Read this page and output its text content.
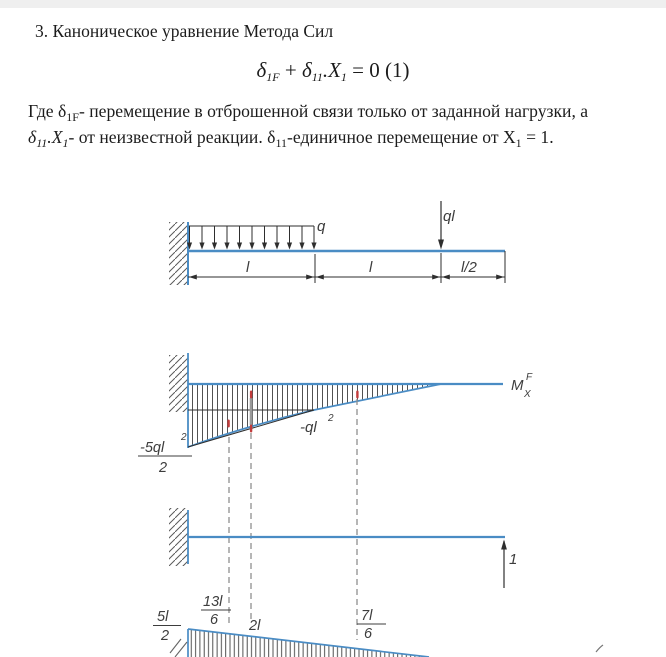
3. Каноническое уравнение Метода Сил
$\delta_{1F} + \delta_{11}.X_1 = 0$ (1)
Где $\delta_{1F}-$ перемещение в отброшенной связи только от заданной нагрузки, а
$\delta_{11}.X_1-$ от неизвестной реакции. $\delta_{11}$-единичное перемещение от $X_1 = 1$.
q
ql
l	l	l/2
M F
X
-ql
2
-5ql
2
2
1
5l
2
13l
6 2l
7l
6
